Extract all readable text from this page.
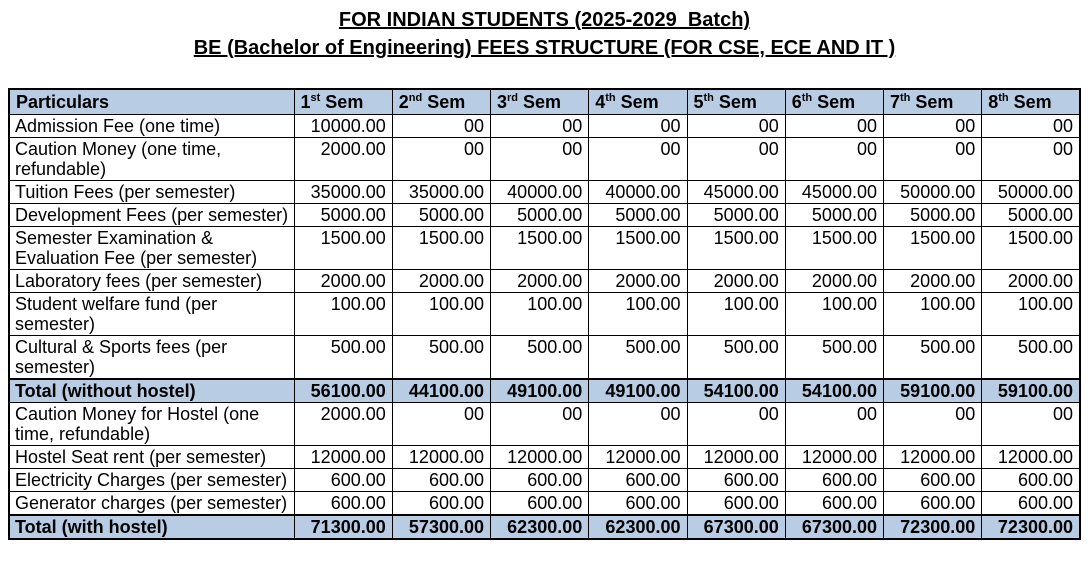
FOR INDIAN STUDENTS (2025-2029  Batch)
BE (Bachelor of Engineering) FEES STRUCTURE (FOR CSE, ECE AND IT )
Particulars	1st Sem	2nd Sem	3rd Sem	4th Sem	5th Sem	6th Sem	7th Sem	8th Sem
Admission Fee (one time)	10000.00	00	00	00	00	00	00	00
Caution Money (one time, refundable)	2000.00	00	00	00	00	00	00	00
Tuition Fees (per semester)	35000.00	35000.00	40000.00	40000.00	45000.00	45000.00	50000.00	50000.00
Development Fees (per semester)	5000.00	5000.00	5000.00	5000.00	5000.00	5000.00	5000.00	5000.00
Semester Examination & Evaluation Fee (per semester)	1500.00	1500.00	1500.00	1500.00	1500.00	1500.00	1500.00	1500.00
Laboratory fees (per semester)	2000.00	2000.00	2000.00	2000.00	2000.00	2000.00	2000.00	2000.00
Student welfare fund (per semester)	100.00	100.00	100.00	100.00	100.00	100.00	100.00	100.00
Cultural & Sports fees (per semester)	500.00	500.00	500.00	500.00	500.00	500.00	500.00	500.00
Total (without hostel)	56100.00	44100.00	49100.00	49100.00	54100.00	54100.00	59100.00	59100.00
Caution Money for Hostel (one time, refundable)	2000.00	00	00	00	00	00	00	00
Hostel Seat rent (per semester)	12000.00	12000.00	12000.00	12000.00	12000.00	12000.00	12000.00	12000.00
Electricity Charges (per semester)	600.00	600.00	600.00	600.00	600.00	600.00	600.00	600.00
Generator charges (per semester)	600.00	600.00	600.00	600.00	600.00	600.00	600.00	600.00
Total (with hostel)	71300.00	57300.00	62300.00	62300.00	67300.00	67300.00	72300.00	72300.00
